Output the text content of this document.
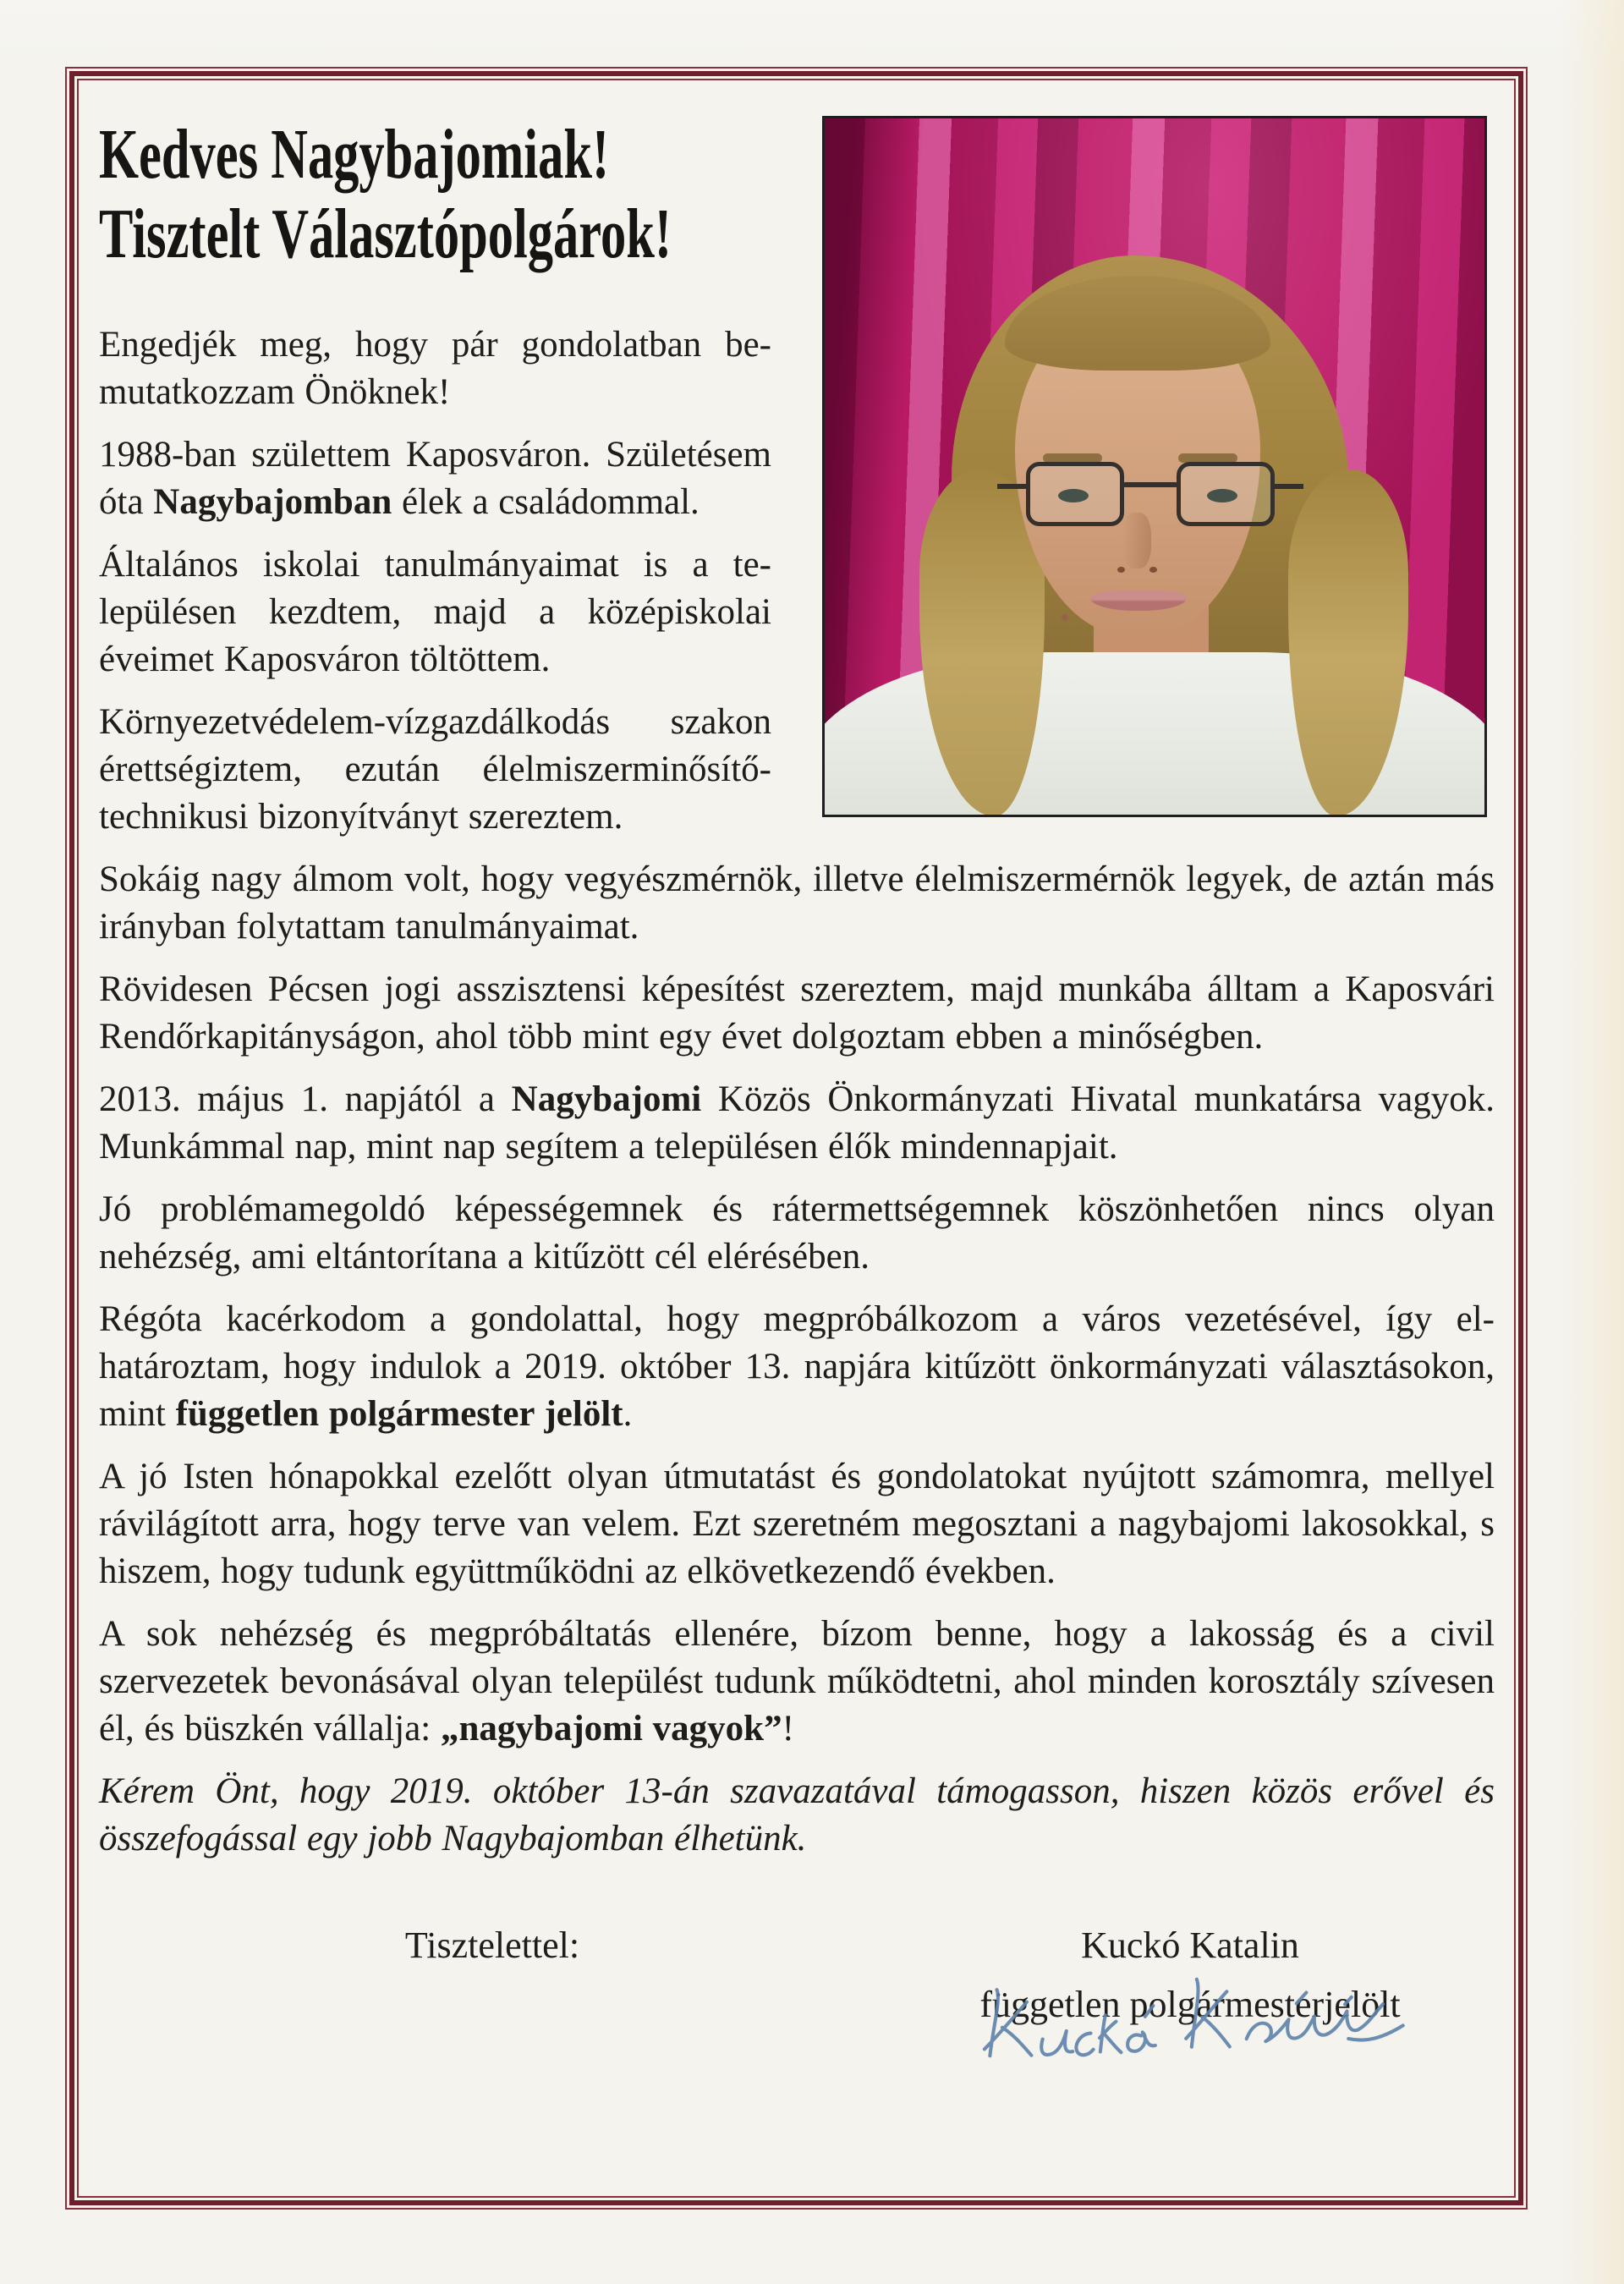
Kedves Nagybajomiak!
Tisztelt Választópolgárok!

Engedjék meg, hogy pár gondolatban bemutatkozzam Önöknek!

1988-ban születtem Kaposváron. Születésem óta Nagybajomban élek a családommal.

Általános iskolai tanulmányaimat is a településen kezdtem, majd a középiskolai éveimet Kaposváron töltöttem.

Környezetvédelem-vízgazdálkodás szakon érettségiztem, ezután élelmiszerminősítő-technikusi bizonyítványt szereztem.

Sokáig nagy álmom volt, hogy vegyészmérnök, illetve élelmiszermérnök legyek, de aztán más irányban folytattam tanulmányaimat.

Rövidesen Pécsen jogi asszisztensi képesítést szereztem, majd munkába álltam a Kaposvári Rendőrkapitányságon, ahol több mint egy évet dolgoztam ebben a minőségben.

2013. május 1. napjától a Nagybajomi Közös Önkormányzati Hivatal munkatársa vagyok. Munkámmal nap, mint nap segítem a településen élők mindennapjait.

Jó problémamegoldó képességemnek és rátermettségemnek köszönhetően nincs olyan nehézség, ami eltántorítana a kitűzött cél elérésében.

Régóta kacérkodom a gondolattal, hogy megpróbálkozom a város vezetésével, így elhatároztam, hogy indulok a 2019. október 13. napjára kitűzött önkormányzati választásokon, mint független polgármester jelölt.

A jó Isten hónapokkal ezelőtt olyan útmutatást és gondolatokat nyújtott számomra, mellyel rávilágított arra, hogy terve van velem. Ezt szeretném megosztani a nagybajomi lakosokkal, s hiszem, hogy tudunk együttműködni az elkövetkezendő években.

A sok nehézség és megpróbáltatás ellenére, bízom benne, hogy a lakosság és a civil szervezetek bevonásával olyan települést tudunk működtetni, ahol minden korosztály szívesen él, és büszkén vállalja: „nagybajomi vagyok”!

Kérem Önt, hogy 2019. október 13-án szavazatával támogasson, hiszen közös erővel és összefogással egy jobb Nagybajomban élhetünk.

Tisztelettel:	Kuckó Katalin
független polgármesterjelölt
